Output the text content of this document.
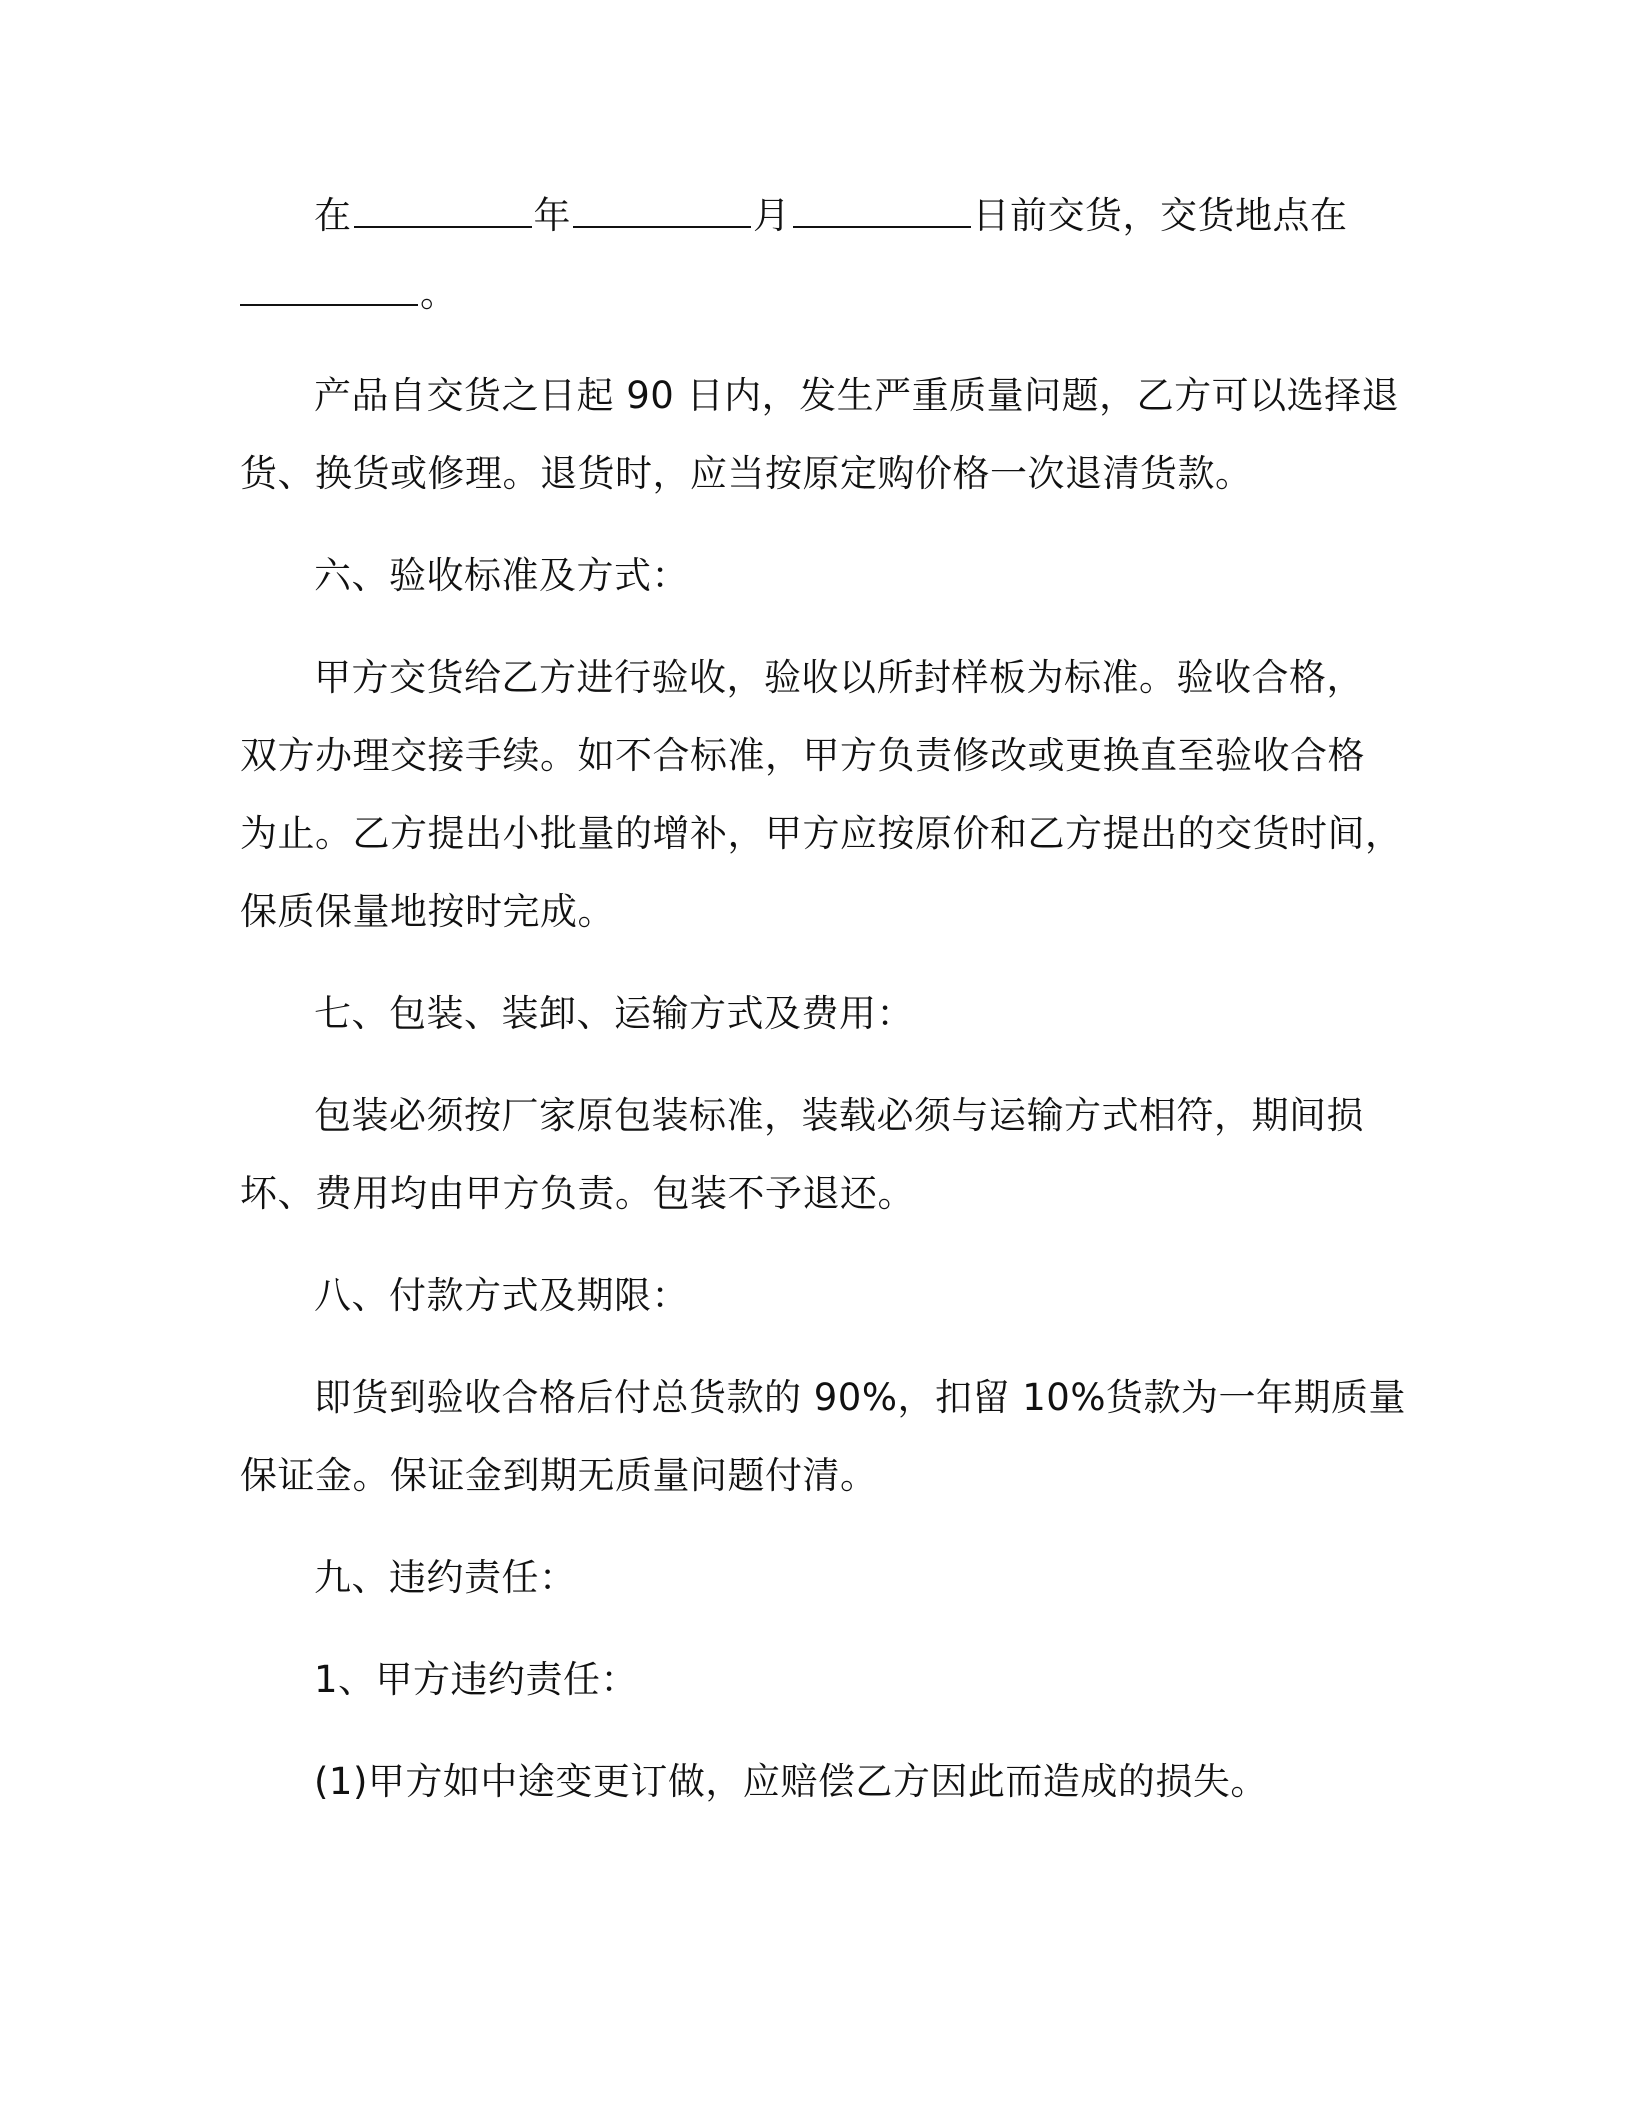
在	年	月	日前交货，交货地点在
。
产品自交货之日起 90 日内，发生严重质量问题，乙方可以选择退
货、换货或修理。退货时，应当按原定购价格一次退清货款。
六、验收标准及方式：
甲方交货给乙方进行验收，验收以所封样板为标准。验收合格，
双方办理交接手续。如不合标准，甲方负责修改或更换直至验收合格
为止。乙方提出小批量的增补，甲方应按原价和乙方提出的交货时间，
保质保量地按时完成。
七、包装、装卸、运输方式及费用：
包装必须按厂家原包装标准，装载必须与运输方式相符，期间损
坏、费用均由甲方负责。包装不予退还。
八、付款方式及期限：
即货到验收合格后付总货款的 90%，扣留 10%货款为一年期质量
保证金。保证金到期无质量问题付清。
九、违约责任：
1、甲方违约责任：
(1)甲方如中途变更订做，应赔偿乙方因此而造成的损失。
